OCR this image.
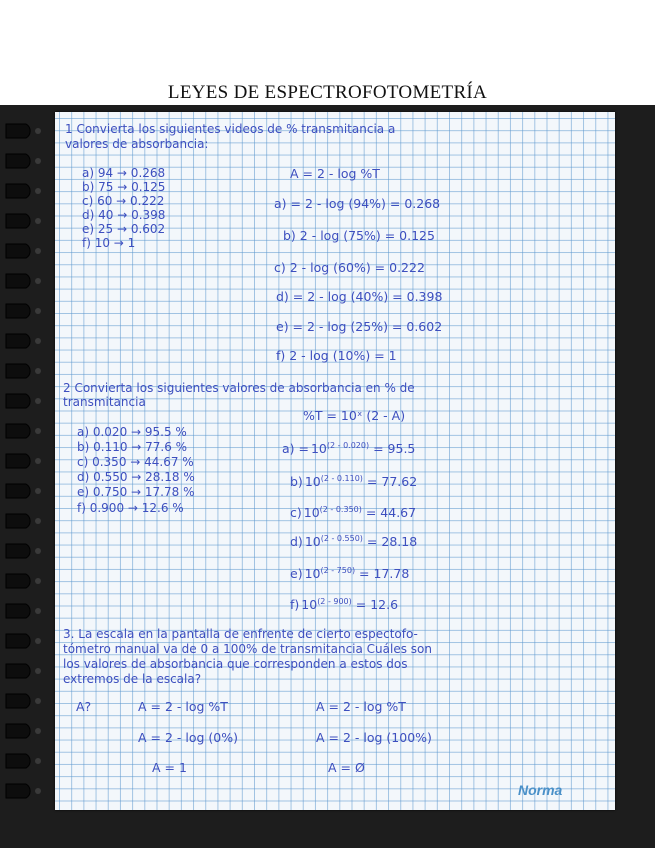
LEYES DE ESPECTROFOTOMETRÍA
1 Convierta los siguientes videos de % transmitancia a
valores de absorbancia:
A = 2 - log %T
a) 94 → 0.268
b) 75 → 0.125
c) 60 → 0.222
d) 40 → 0.398
e) 25 → 0.602
f) 10 → 1
a) = 2 - log (94%) = 0.268
b) 2 - log (75%) = 0.125
c) 2 - log (60%) = 0.222
d) = 2 - log (40%) = 0.398
e) = 2 - log (25%) = 0.602
f) 2 - log (10%) = 1
2 Convierta los siguientes valores de absorbancia en % de
transmitancia
%T = 10ˣ (2 - A)
a) 0.020 → 95.5 %
b) 0.110 → 77.6 %
c) 0.350 → 44.67 %
d) 0.550 → 28.18 %
e) 0.750 → 17.78 %
f) 0.900 → 12.6 %
$a) = 10^{(2 - 0.020)} = 95.5$
b) $10^{(2 - 0.110)} = 77.62$
c) $10^{(2 - 0.350)} = 44.67$
d) $10^{(2 - 0.550)} = 28.18$
e) $10^{(2 - 750)} = 17.78$
f) $10^{(2 - 900)} = 12.6$
3. La escala en la pantalla de enfrente de cierto espectofo-
tómetro manual va de 0 a 100% de transmitancia Cuáles son
los valores de absorbancia que corresponden a estos dos
extremos de la escala?
A?	A = 2 - log %T
A = 2 - log (0%)
A = 1
A = 2 - log %T
A = 2 - log (100%)
A = Ø
Norma
